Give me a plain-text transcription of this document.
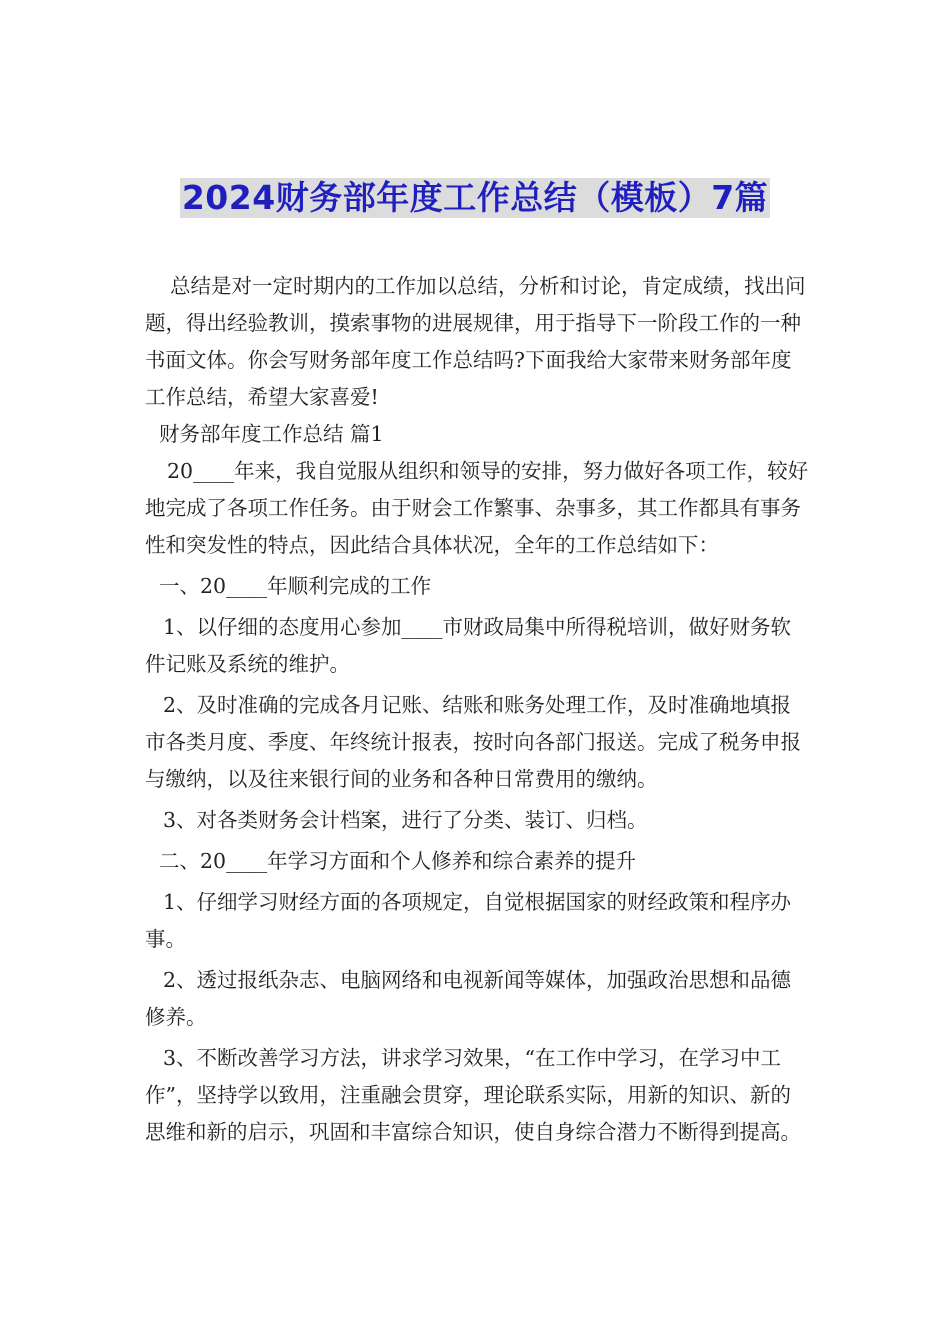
2024财务部年度工作总结（模板）7篇

总结是对一定时期内的工作加以总结，分析和讨论，肯定成绩，找出问题，得出经验教训，摸索事物的进展规律，用于指导下一阶段工作的一种书面文体。你会写财务部年度工作总结吗?下面我给大家带来财务部年度工作总结，希望大家喜爱!

财务部年度工作总结 篇1

20____年来，我自觉服从组织和领导的安排，努力做好各项工作，较好地完成了各项工作任务。由于财会工作繁事、杂事多，其工作都具有事务性和突发性的特点，因此结合具体状况，全年的工作总结如下：

一、20____年顺利完成的工作

1、以仔细的态度用心参加____市财政局集中所得税培训，做好财务软件记账及系统的维护。

2、及时准确的完成各月记账、结账和账务处理工作，及时准确地填报市各类月度、季度、年终统计报表，按时向各部门报送。完成了税务申报与缴纳，以及往来银行间的业务和各种日常费用的缴纳。

3、对各类财务会计档案，进行了分类、装订、归档。

二、20____年学习方面和个人修养和综合素养的提升

1、仔细学习财经方面的各项规定，自觉根据国家的财经政策和程序办事。

2、透过报纸杂志、电脑网络和电视新闻等媒体，加强政治思想和品德修养。

3、不断改善学习方法，讲求学习效果，“在工作中学习，在学习中工作”，坚持学以致用，注重融会贯穿，理论联系实际，用新的知识、新的思维和新的启示，巩固和丰富综合知识，使自身综合潜力不断得到提高。
